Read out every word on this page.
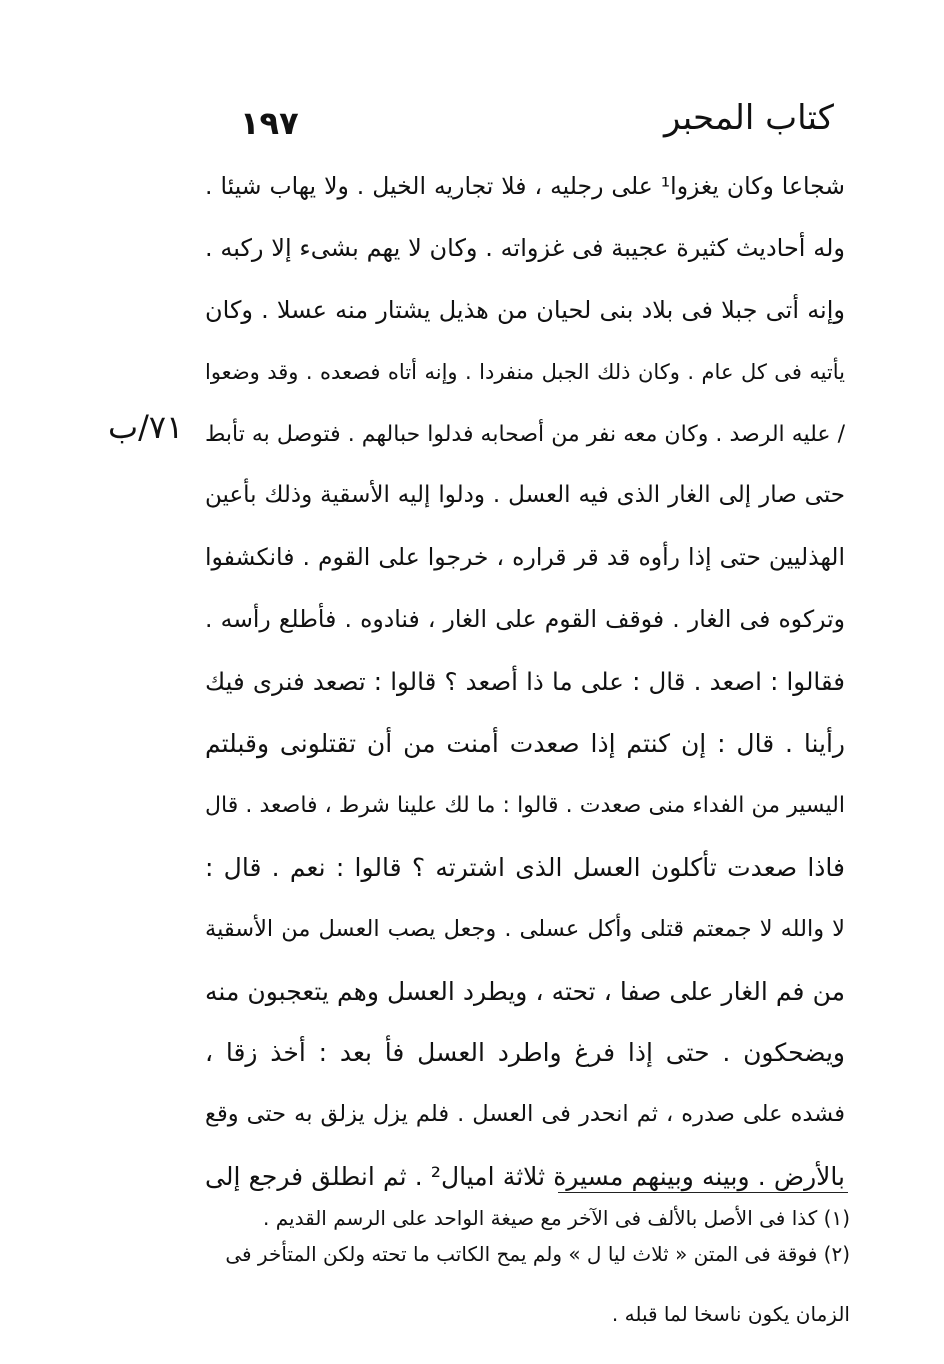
كتاب المحبر
١٩٧
٧١/ب
شجاعا وكان يغزوا¹ على رجليه ، فلا تجاريه الخيل . ولا يهاب شيئا .
وله أحاديث كثيرة عجيبة فى غزواته . وكان لا يهم بشىء إلا ركبه .
وإنه أتى جبلا فى بلاد بنى لحيان من هذيل يشتار منه عسلا . وكان
يأتيه فى كل عام . وكان ذلك الجبل منفردا . وإنه أتاه فصعده . وقد وضعوا
/ عليه الرصد . وكان معه نفر من أصحابه فدلوا حبالهم . فتوصل به تأبط
حتى صار إلى الغار الذى فيه العسل . ودلوا إليه الأسقية وذلك بأعين
الهذليين حتى إذا رأوه قد قر قراره ، خرجوا على القوم . فانكشفوا
وتركوه فى الغار . فوقف القوم على الغار ، فنادوه . فأطلع رأسه .
فقالوا : اصعد . قال : على ما ذا أصعد ؟ قالوا : تصعد فنرى فيك
رأينا . قال : إن كنتم إذا صعدت أمنت من أن تقتلونى وقبلتم
اليسير من الفداء منى صعدت . قالوا : ما لك علينا شرط ، فاصعد . قال
فاذا صعدت تأكلون العسل الذى اشترته ؟ قالوا : نعم . قال :
لا والله لا جمعتم قتلى وأكل عسلى . وجعل يصب العسل من الأسقية
من فم الغار على صفا ، تحته ، ويطرد العسل وهم يتعجبون منه
ويضحكون . حتى إذا فرغ واطرد العسل فأ بعد : أخذ زقا ،
فشده على صدره ، ثم انحدر فى العسل . فلم يزل يزلق به حتى وقع
بالأرض . وبينه وبينهم مسيرة ثلاثة اميال² . ثم انطلق فرجع إلى
(١) كذا فى الأصل بالألف فى الآخر مع صيغة الواحد على الرسم القديم .
(٢) فوقة فى المتن « ثلاث ليا ل » ولم يمح الكاتب ما تحته ولكن المتأخر فى
الزمان يكون ناسخا لما قبله .
